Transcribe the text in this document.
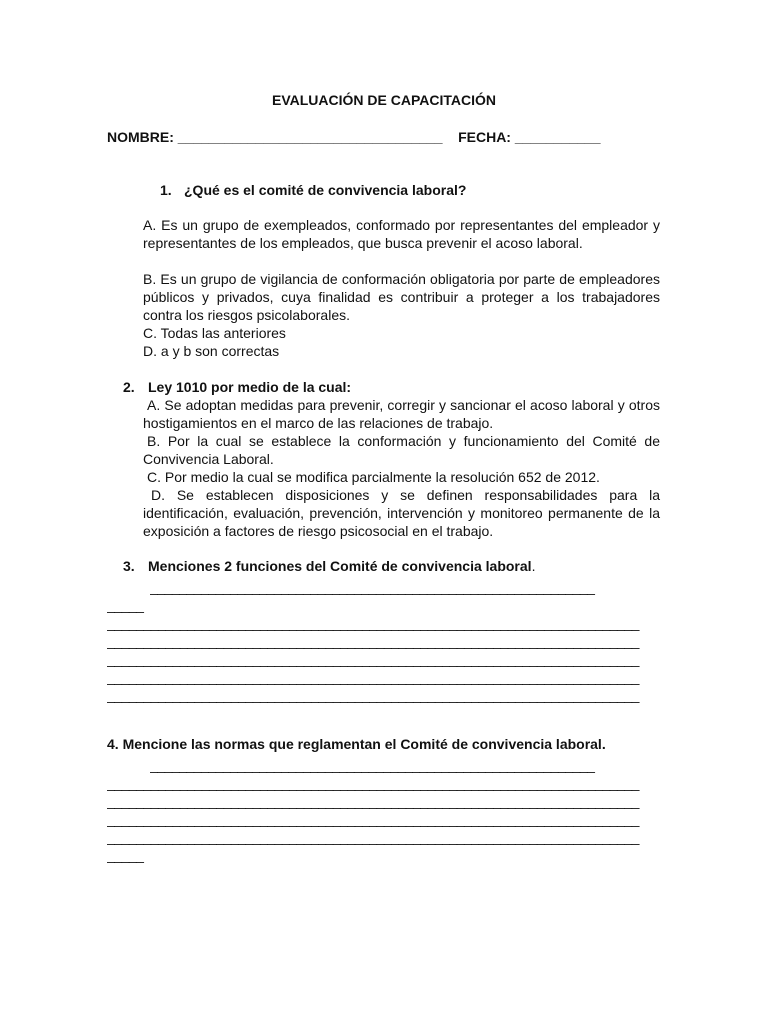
EVALUACIÓN DE CAPACITACIÓN
NOMBRE: __________________________________ FECHA: ___________
1. ¿Qué es el comité de convivencia laboral?
A. Es un grupo de exempleados, conformado por representantes del empleador y representantes de los empleados, que busca prevenir el acoso laboral.
B. Es un grupo de vigilancia de conformación obligatoria por parte de empleadores públicos y privados, cuya finalidad es contribuir a proteger a los trabajadores contra los riesgos psicolaborales.
C. Todas las anteriores
D. a y b son correctas
2. Ley 1010 por medio de la cual:
A. Se adoptan medidas para prevenir, corregir y sancionar el acoso laboral y otros hostigamientos en el marco de las relaciones de trabajo.
B. Por la cual se establece la conformación y funcionamiento del Comité de Convivencia Laboral.
C. Por medio la cual se modifica parcialmente la resolución 652 de 2012.
D. Se establecen disposiciones y se definen responsabilidades para la identificación, evaluación, prevención, intervención y monitoreo permanente de la exposición a factores de riesgo psicosocial en el trabajo.
3. Menciones 2 funciones del Comité de convivencia laboral.
_____________________________________________________________
_____
_________________________________________________________________________
_________________________________________________________________________
_________________________________________________________________________
_________________________________________________________________________
_________________________________________________________________________
4. Mencione las normas que reglamentan el Comité de convivencia laboral.
_____________________________________________________________
_________________________________________________________________________
_________________________________________________________________________
_________________________________________________________________________
_________________________________________________________________________
_____
